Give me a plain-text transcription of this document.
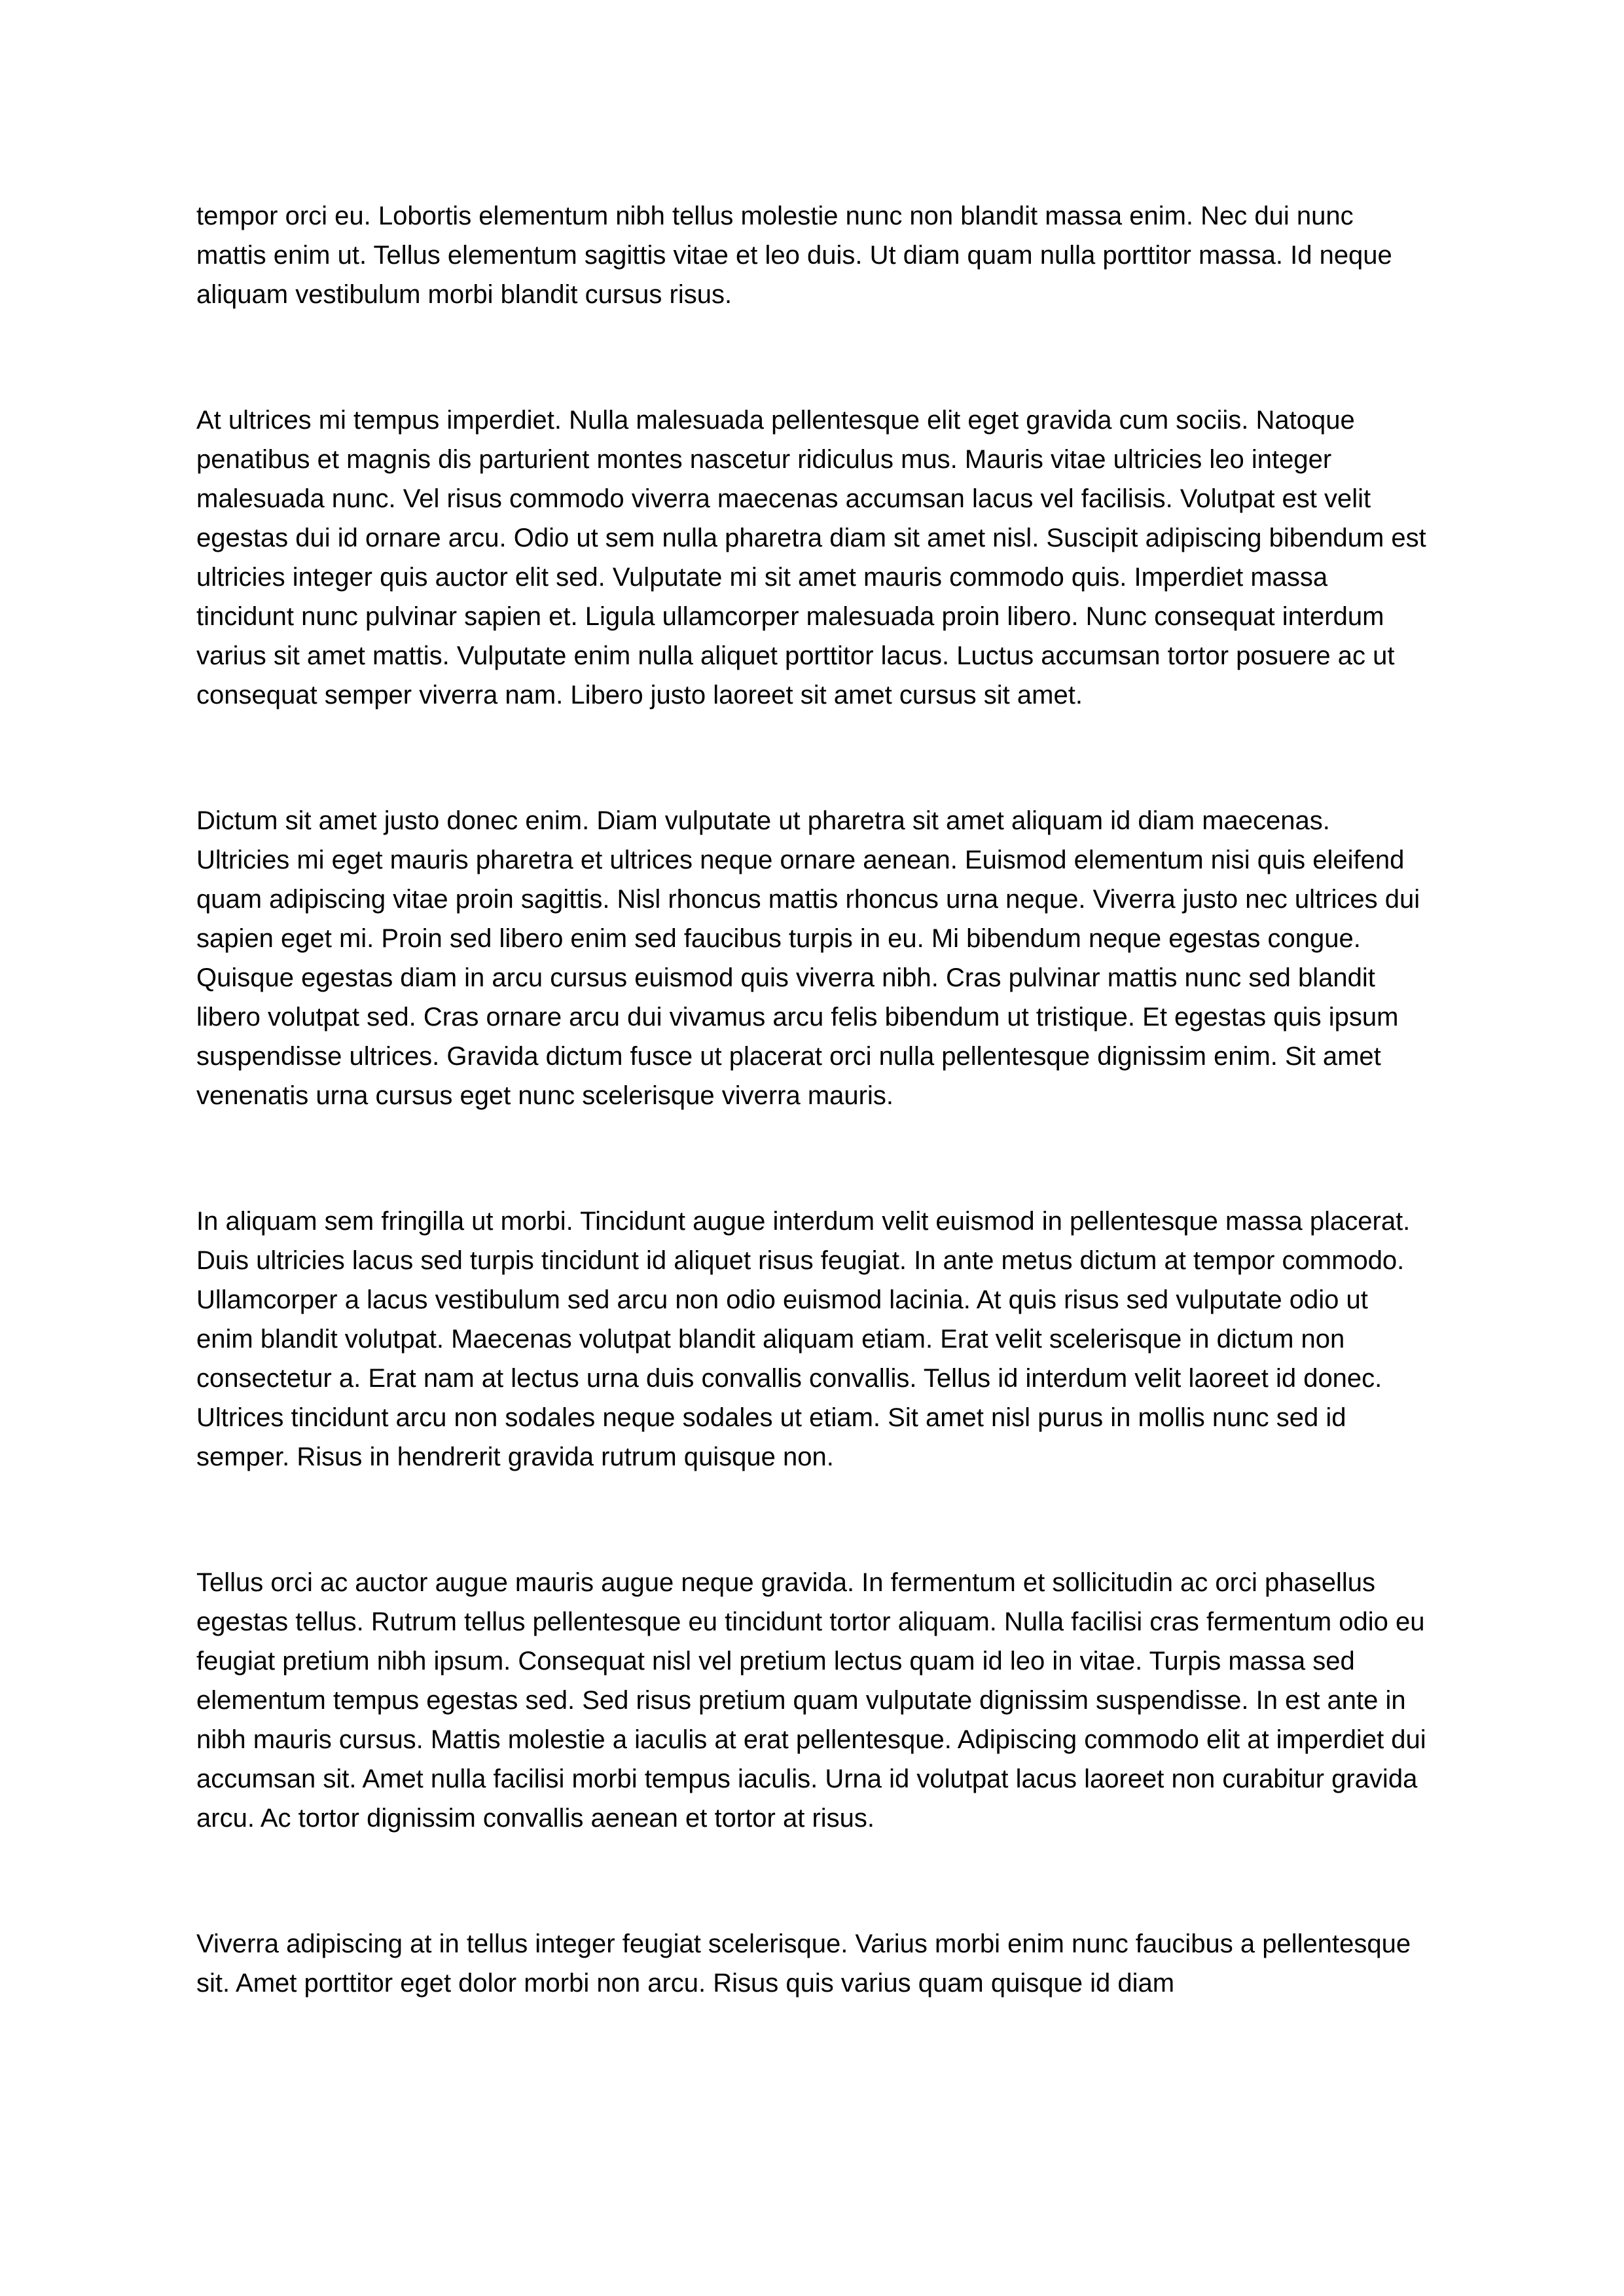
tempor orci eu. Lobortis elementum nibh tellus molestie nunc non blandit massa enim. Nec dui nunc mattis enim ut. Tellus elementum sagittis vitae et leo duis. Ut diam quam nulla porttitor massa. Id neque aliquam vestibulum morbi blandit cursus risus.

At ultrices mi tempus imperdiet. Nulla malesuada pellentesque elit eget gravida cum sociis. Natoque penatibus et magnis dis parturient montes nascetur ridiculus mus. Mauris vitae ultricies leo integer malesuada nunc. Vel risus commodo viverra maecenas accumsan lacus vel facilisis. Volutpat est velit egestas dui id ornare arcu. Odio ut sem nulla pharetra diam sit amet nisl. Suscipit adipiscing bibendum est ultricies integer quis auctor elit sed. Vulputate mi sit amet mauris commodo quis. Imperdiet massa tincidunt nunc pulvinar sapien et. Ligula ullamcorper malesuada proin libero. Nunc consequat interdum varius sit amet mattis. Vulputate enim nulla aliquet porttitor lacus. Luctus accumsan tortor posuere ac ut consequat semper viverra nam. Libero justo laoreet sit amet cursus sit amet.

Dictum sit amet justo donec enim. Diam vulputate ut pharetra sit amet aliquam id diam maecenas. Ultricies mi eget mauris pharetra et ultrices neque ornare aenean. Euismod elementum nisi quis eleifend quam adipiscing vitae proin sagittis. Nisl rhoncus mattis rhoncus urna neque. Viverra justo nec ultrices dui sapien eget mi. Proin sed libero enim sed faucibus turpis in eu. Mi bibendum neque egestas congue. Quisque egestas diam in arcu cursus euismod quis viverra nibh. Cras pulvinar mattis nunc sed blandit libero volutpat sed. Cras ornare arcu dui vivamus arcu felis bibendum ut tristique. Et egestas quis ipsum suspendisse ultrices. Gravida dictum fusce ut placerat orci nulla pellentesque dignissim enim. Sit amet venenatis urna cursus eget nunc scelerisque viverra mauris.

In aliquam sem fringilla ut morbi. Tincidunt augue interdum velit euismod in pellentesque massa placerat. Duis ultricies lacus sed turpis tincidunt id aliquet risus feugiat. In ante metus dictum at tempor commodo. Ullamcorper a lacus vestibulum sed arcu non odio euismod lacinia. At quis risus sed vulputate odio ut enim blandit volutpat. Maecenas volutpat blandit aliquam etiam. Erat velit scelerisque in dictum non consectetur a. Erat nam at lectus urna duis convallis convallis. Tellus id interdum velit laoreet id donec. Ultrices tincidunt arcu non sodales neque sodales ut etiam. Sit amet nisl purus in mollis nunc sed id semper. Risus in hendrerit gravida rutrum quisque non.

Tellus orci ac auctor augue mauris augue neque gravida. In fermentum et sollicitudin ac orci phasellus egestas tellus. Rutrum tellus pellentesque eu tincidunt tortor aliquam. Nulla facilisi cras fermentum odio eu feugiat pretium nibh ipsum. Consequat nisl vel pretium lectus quam id leo in vitae. Turpis massa sed elementum tempus egestas sed. Sed risus pretium quam vulputate dignissim suspendisse. In est ante in nibh mauris cursus. Mattis molestie a iaculis at erat pellentesque. Adipiscing commodo elit at imperdiet dui accumsan sit. Amet nulla facilisi morbi tempus iaculis. Urna id volutpat lacus laoreet non curabitur gravida arcu. Ac tortor dignissim convallis aenean et tortor at risus.

Viverra adipiscing at in tellus integer feugiat scelerisque. Varius morbi enim nunc faucibus a pellentesque sit. Amet porttitor eget dolor morbi non arcu. Risus quis varius quam quisque id diam
